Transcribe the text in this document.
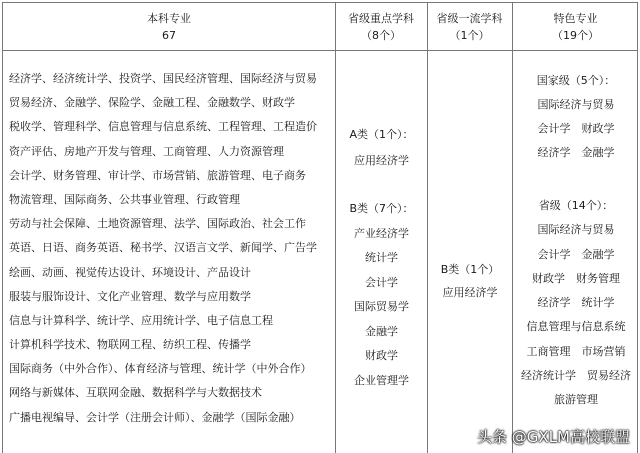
本科专业
67
省级重点学科
（8个）
省级一流学科
（1个）
特色专业
（19个）
经济学、经济统计学、投资学、国民经济管理、国际经济与贸易
贸易经济、金融学、保险学、金融工程、金融数学、财政学
税收学、管理科学、信息管理与信息系统、工程管理、工程造价
资产评估、房地产开发与管理、工商管理、人力资源管理
会计学、财务管理、审计学、市场营销、旅游管理、电子商务
物流管理、国际商务、公共事业管理、行政管理
劳动与社会保障、土地资源管理、法学、国际政治、社会工作
英语、日语、商务英语、秘书学、汉语言文学、新闻学、广告学
绘画、动画、视觉传达设计、环境设计、产品设计
服装与服饰设计、文化产业管理、数学与应用数学
信息与计算科学、统计学、应用统计学、电子信息工程
计算机科学技术、物联网工程、纺织工程、传播学
国际商务（中外合作）、体育经济与管理、统计学（中外合作）
网络与新媒体、互联网金融、数据科学与大数据技术
广播电视编导、会计学（注册会计师）、金融学（国际金融）
A类（1个）：
应用经济学
B类（7个）：
产业经济学
统计学
会计学
国际贸易学
金融学
财政学
企业管理学
B类（1个）
应用经济学
国家级（5个）：
国际经济与贸易
会计学　财政学
经济学　金融学
省级（14个）：
国际经济与贸易
会计学　金融学
财政学　财务管理
经济学　统计学
信息管理与信息系统
工商管理　市场营销
经济统计学　贸易经济
旅游管理
头条 @GXLM高校联盟
